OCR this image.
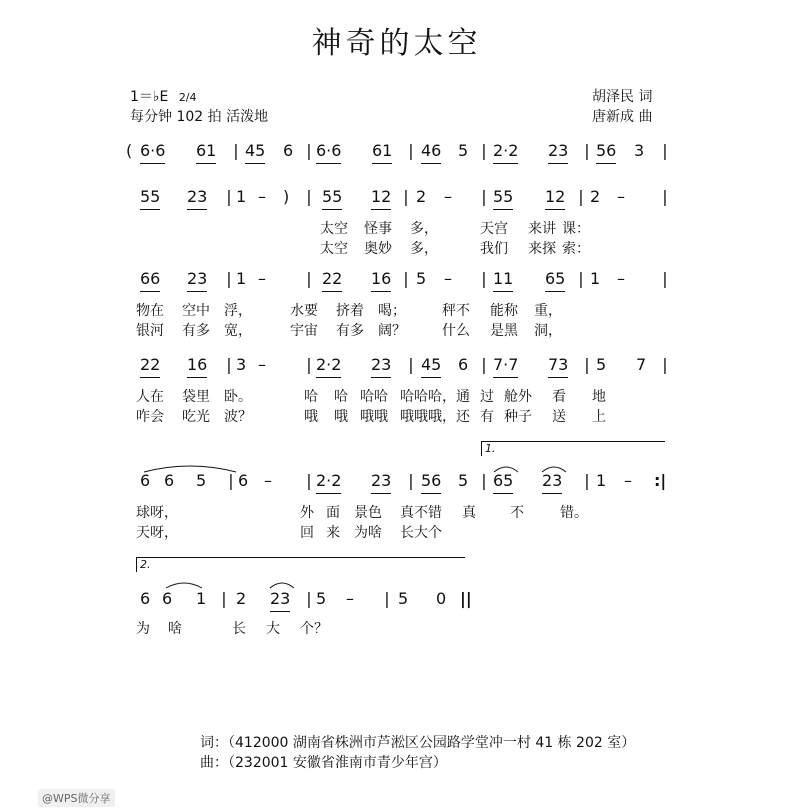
神奇的太空
1＝♭E 2/4
每分钟 102 拍 活泼地
胡泽民 词
唐新成 曲
( 6·6 61 | 45 6 | 6·6 61 | 46 5 | 2·2 23 | 56 3 |
55 23 | 1 – ) | 55 12 | 2 – | 55 12 | 2 – |
太空 怪事 多，	天宫 来讲 课：
太空 奥妙 多，	我们 来探 索：
66 23 | 1 –	| 22 16 | 5 – | 11 65 | 1 – |
物在 空中 浮，	水要 挤着 喝；	秤不 能称 重，
银河 有多 宽，	宇宙 有多 阔？	什么 是黑 洞，
22 16 | 3 –	| 2·2 23 | 45 6 | 7·7 73 | 5 7 |
人在 袋里 卧。	哈 哈 哈哈 哈哈哈，通 过 舱外 看 地
咋会 吃光 波？	哦 哦 哦哦 哦哦哦，还 有 种子 送 上
1.
6 6 5 | 6 – | 2·2 23 | 56 5 | 65 23 | 1 – :|
球呀，	外 面 景色 真不错 真 不	错。
天呀，	回 来 为啥 长大个
2.
6 6 1 | 2 23 | 5 – | 5 0 ||
为 啥	长 大 个？
词：（412000 湖南省株洲市芦淞区公园路学堂冲一村 41 栋 202 室）
曲：（232001 安徽省淮南市青少年宫）
@WPS微分享
